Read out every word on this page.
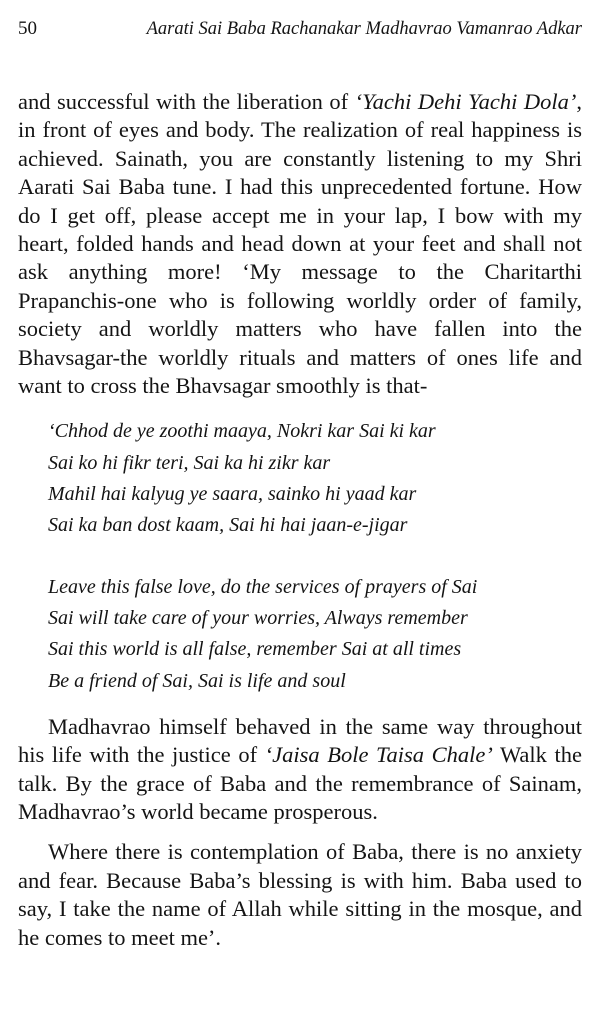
50	Aarati Sai Baba Rachanakar Madhavrao Vamanrao Adkar

and successful with the liberation of ‘Yachi Dehi Yachi Dola’, in front of eyes and body. The realization of real happiness is achieved. Sainath, you are constantly listening to my Shri Aarati Sai Baba tune. I had this unprecedented fortune. How do I get off, please accept me in your lap, I bow with my heart, folded hands and head down at your feet and shall not ask anything more! ‘My message to the Charitarthi Prapanchis-one who is following worldly order of family, society and worldly matters who have fallen into the Bhavsagar-the worldly rituals and matters of ones life and want to cross the Bhavsagar smoothly is that-

‘Chhod de ye zoothi maaya, Nokri kar Sai ki kar
Sai ko hi fikr teri, Sai ka hi zikr kar
Mahil hai kalyug ye saara, sainko hi yaad kar
Sai ka ban dost kaam, Sai hi hai jaan-e-jigar
Leave this false love, do the services of prayers of Sai
Sai will take care of your worries, Always remember
Sai this world is all false, remember Sai at all times
Be a friend of Sai, Sai is life and soul

Madhavrao himself behaved in the same way throughout his life with the justice of ‘Jaisa Bole Taisa Chale’ Walk the talk. By the grace of Baba and the remembrance of Sainam, Madhavrao’s world became prosperous.

Where there is contemplation of Baba, there is no anxiety and fear. Because Baba’s blessing is with him. Baba used to say, I take the name of Allah while sitting in the mosque, and he comes to meet me’.
